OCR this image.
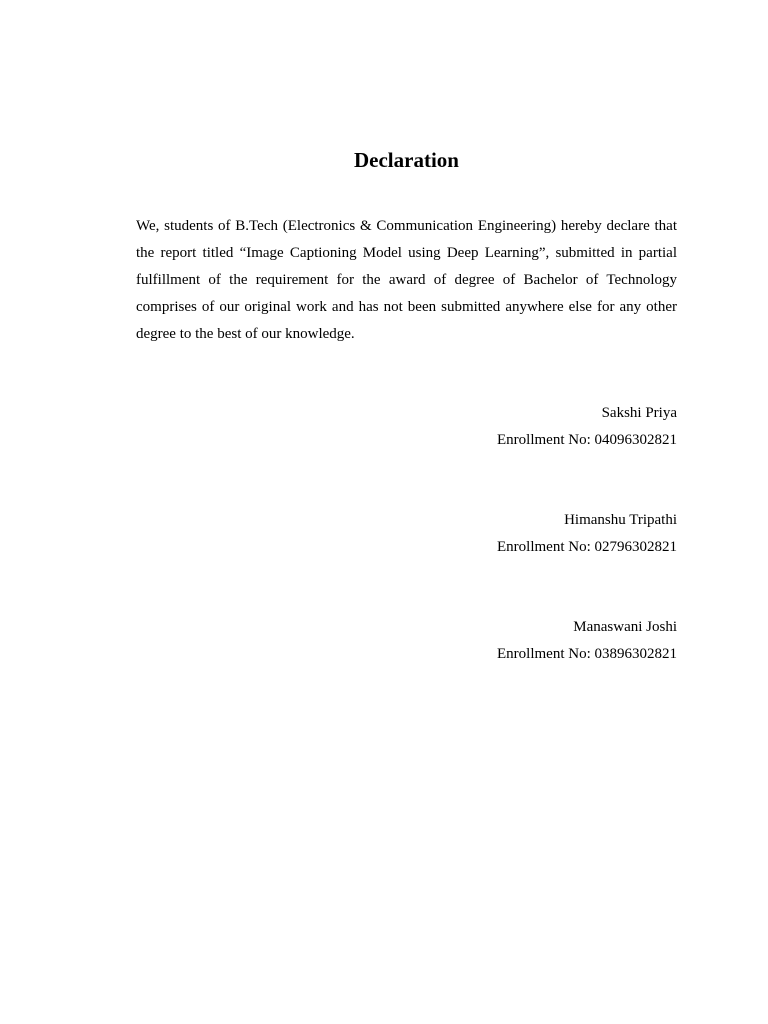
Declaration

We, students of B.Tech (Electronics & Communication Engineering) hereby declare that the report titled “Image Captioning Model using Deep Learning”, submitted in partial fulfillment of the requirement for the award of degree of Bachelor of Technology comprises of our original work and has not been submitted anywhere else for any other degree to the best of our knowledge.

Sakshi Priya
Enrollment No: 04096302821
Himanshu Tripathi
Enrollment No: 02796302821
Manaswani Joshi
Enrollment No: 03896302821
